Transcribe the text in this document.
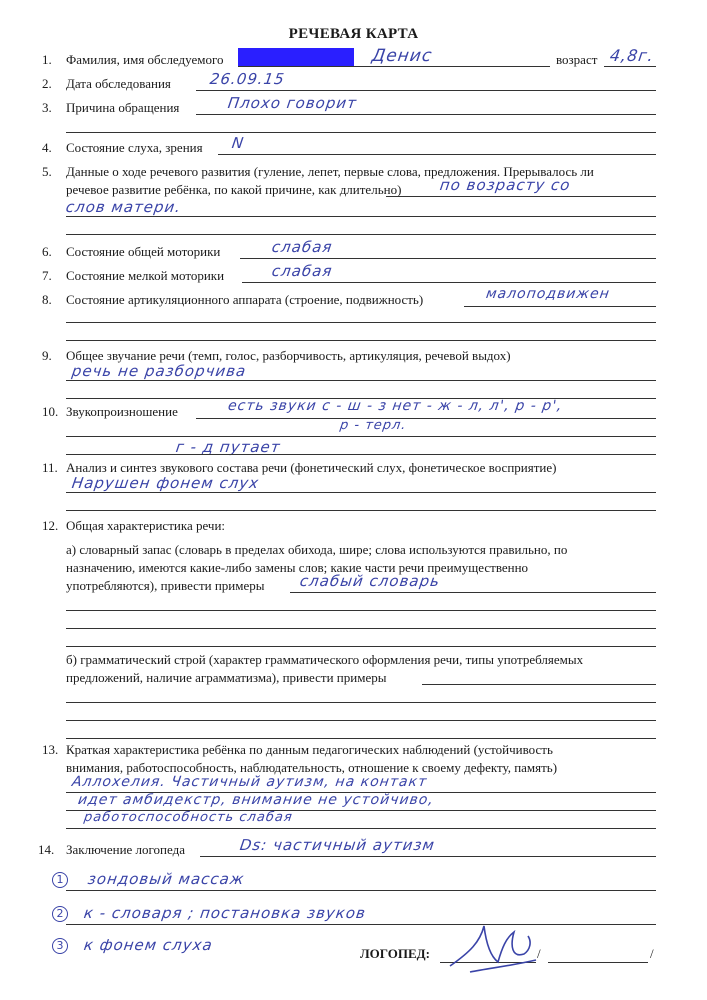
РЕЧЕВАЯ КАРТА
1. Фамилия, имя обследуемого	Дениc	возраст 4,8г.
2. Дата обследования	26.09.15
3. Причина обращения	Плохо говорит
4. Состояние слуха, зрения N
5. Данные о ходе речевого развития (гуление, лепет, первые слова, предложения. Прерывалось ли
речевое развитие ребёнка, по какой причине, как длительно) по возрасту со
слов матери.
6. Состояние общей моторики	слабая
7. Состояние мелкой моторики	слабая
8. Состояние артикуляционного аппарата (строение, подвижность)	малоподвижен
9. Общее звучание речи (темп, голос, разборчивость, артикуляция, речевой выдох)
речь не разборчива
10. Звукопроизношение	есть звуки с - ш - з нет - ж - л, л', р - р',
р - терл.
г - д путает
11. Анализ и синтез звукового состава речи (фонетический слух, фонетическое восприятие)
Нарушен фонем слух
12. Общая характеристика речи:
а) словарный запас (словарь в пределах обихода, шире; слова используются правильно, по
назначению, имеются какие-либо замены слов; какие части речи преимущественно
употребляются), привести примеры слабый словарь
б) грамматический строй (характер грамматического оформления речи, типы употребляемых
предложений, наличие аграмматизма), привести примеры
13. Краткая характеристика ребёнка по данным педагогических наблюдений (устойчивость
внимания, работоспособность, наблюдательность, отношение к своему дефекту, память)
Аллохелия. Частичный аутизм, на контакт
идет амбидекстр, внимание не устойчиво,
работоспособность слабая
14. Заключение логопеда	Ds: частичный аутизм
1	зондовый массаж
2	к - словаря ; постановка звуков
3	к фонем слуха	ЛОГОПЕД:	/	/
